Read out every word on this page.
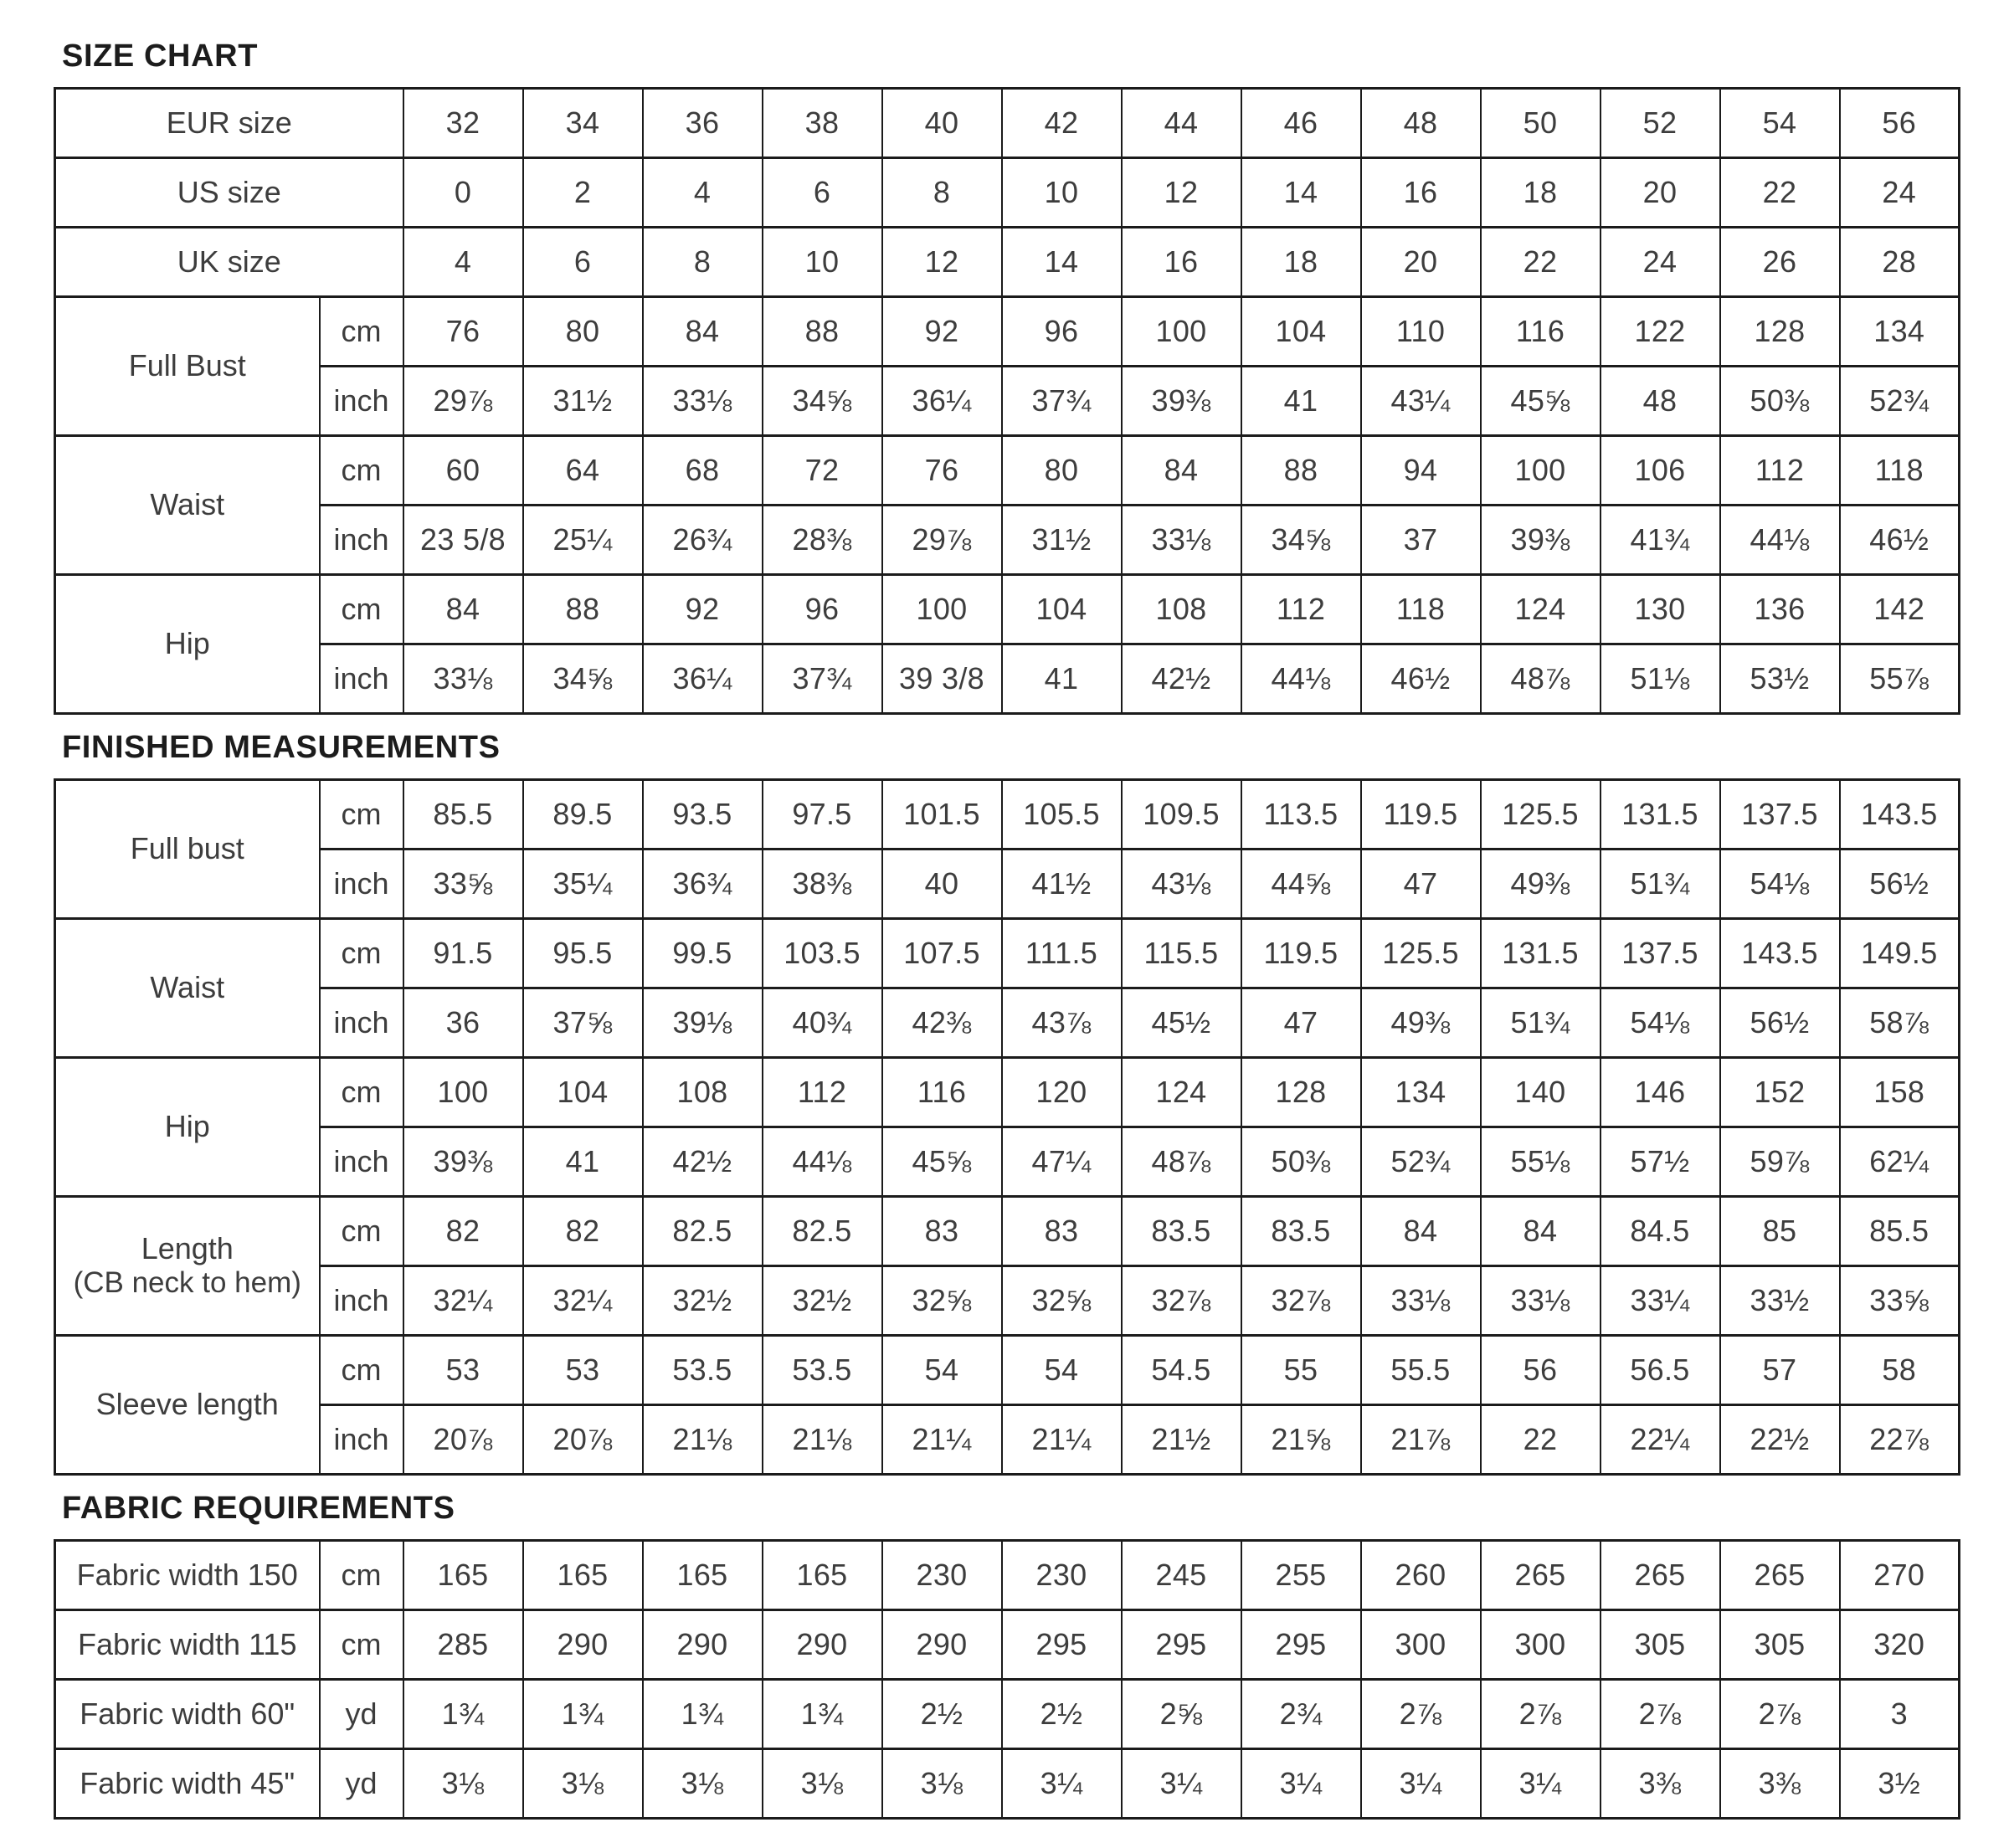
SIZE CHART
EUR size		32	34	36	38	40	42	44	46	48	50	52	54	56
US size		0	2	4	6	8	10	12	14	16	18	20	22	24
UK size		4	6	8	10	12	14	16	18	20	22	24	26	28
Full Bust	cm	76	80	84	88	92	96	100	104	110	116	122	128	134
	inch	29⅞	31½	33⅛	34⅝	36¼	37¾	39⅜	41	43¼	45⅝	48	50⅜	52¾
Waist	cm	60	64	68	72	76	80	84	88	94	100	106	112	118
	inch	23 5/8	25¼	26¾	28⅜	29⅞	31½	33⅛	34⅝	37	39⅜	41¾	44⅛	46½
Hip	cm	84	88	92	96	100	104	108	112	118	124	130	136	142
	inch	33⅛	34⅝	36¼	37¾	39 3/8	41	42½	44⅛	46½	48⅞	51⅛	53½	55⅞
FINISHED MEASUREMENTS
Full bust	cm	85.5	89.5	93.5	97.5	101.5	105.5	109.5	113.5	119.5	125.5	131.5	137.5	143.5
	inch	33⅝	35¼	36¾	38⅜	40	41½	43⅛	44⅝	47	49⅜	51¾	54⅛	56½
Waist	cm	91.5	95.5	99.5	103.5	107.5	111.5	115.5	119.5	125.5	131.5	137.5	143.5	149.5
	inch	36	37⅝	39⅛	40¾	42⅜	43⅞	45½	47	49⅜	51¾	54⅛	56½	58⅞
Hip	cm	100	104	108	112	116	120	124	128	134	140	146	152	158
	inch	39⅜	41	42½	44⅛	45⅝	47¼	48⅞	50⅜	52¾	55⅛	57½	59⅞	62¼

Length
(CB neck to hem)	cm	82	82	82.5	82.5	83	83	83.5	83.5	84	84	84.5	85	85.5
	inch	32¼	32¼	32½	32½	32⅝	32⅝	32⅞	32⅞	33⅛	33⅛	33¼	33½	33⅝
Sleeve length	cm	53	53	53.5	53.5	54	54	54.5	55	55.5	56	56.5	57	58
	inch	20⅞	20⅞	21⅛	21⅛	21¼	21¼	21½	21⅝	21⅞	22	22¼	22½	22⅞
FABRIC REQUIREMENTS
Fabric width 150	cm	165	165	165	165	230	230	245	255	260	265	265	265	270
Fabric width 115	cm	285	290	290	290	290	295	295	295	300	300	305	305	320
Fabric width 60"	yd	1¾	1¾	1¾	1¾	2½	2½	2⅝	2¾	2⅞	2⅞	2⅞	2⅞	3
Fabric width 45"	yd	3⅛	3⅛	3⅛	3⅛	3⅛	3¼	3¼	3¼	3¼	3¼	3⅜	3⅜	3½
